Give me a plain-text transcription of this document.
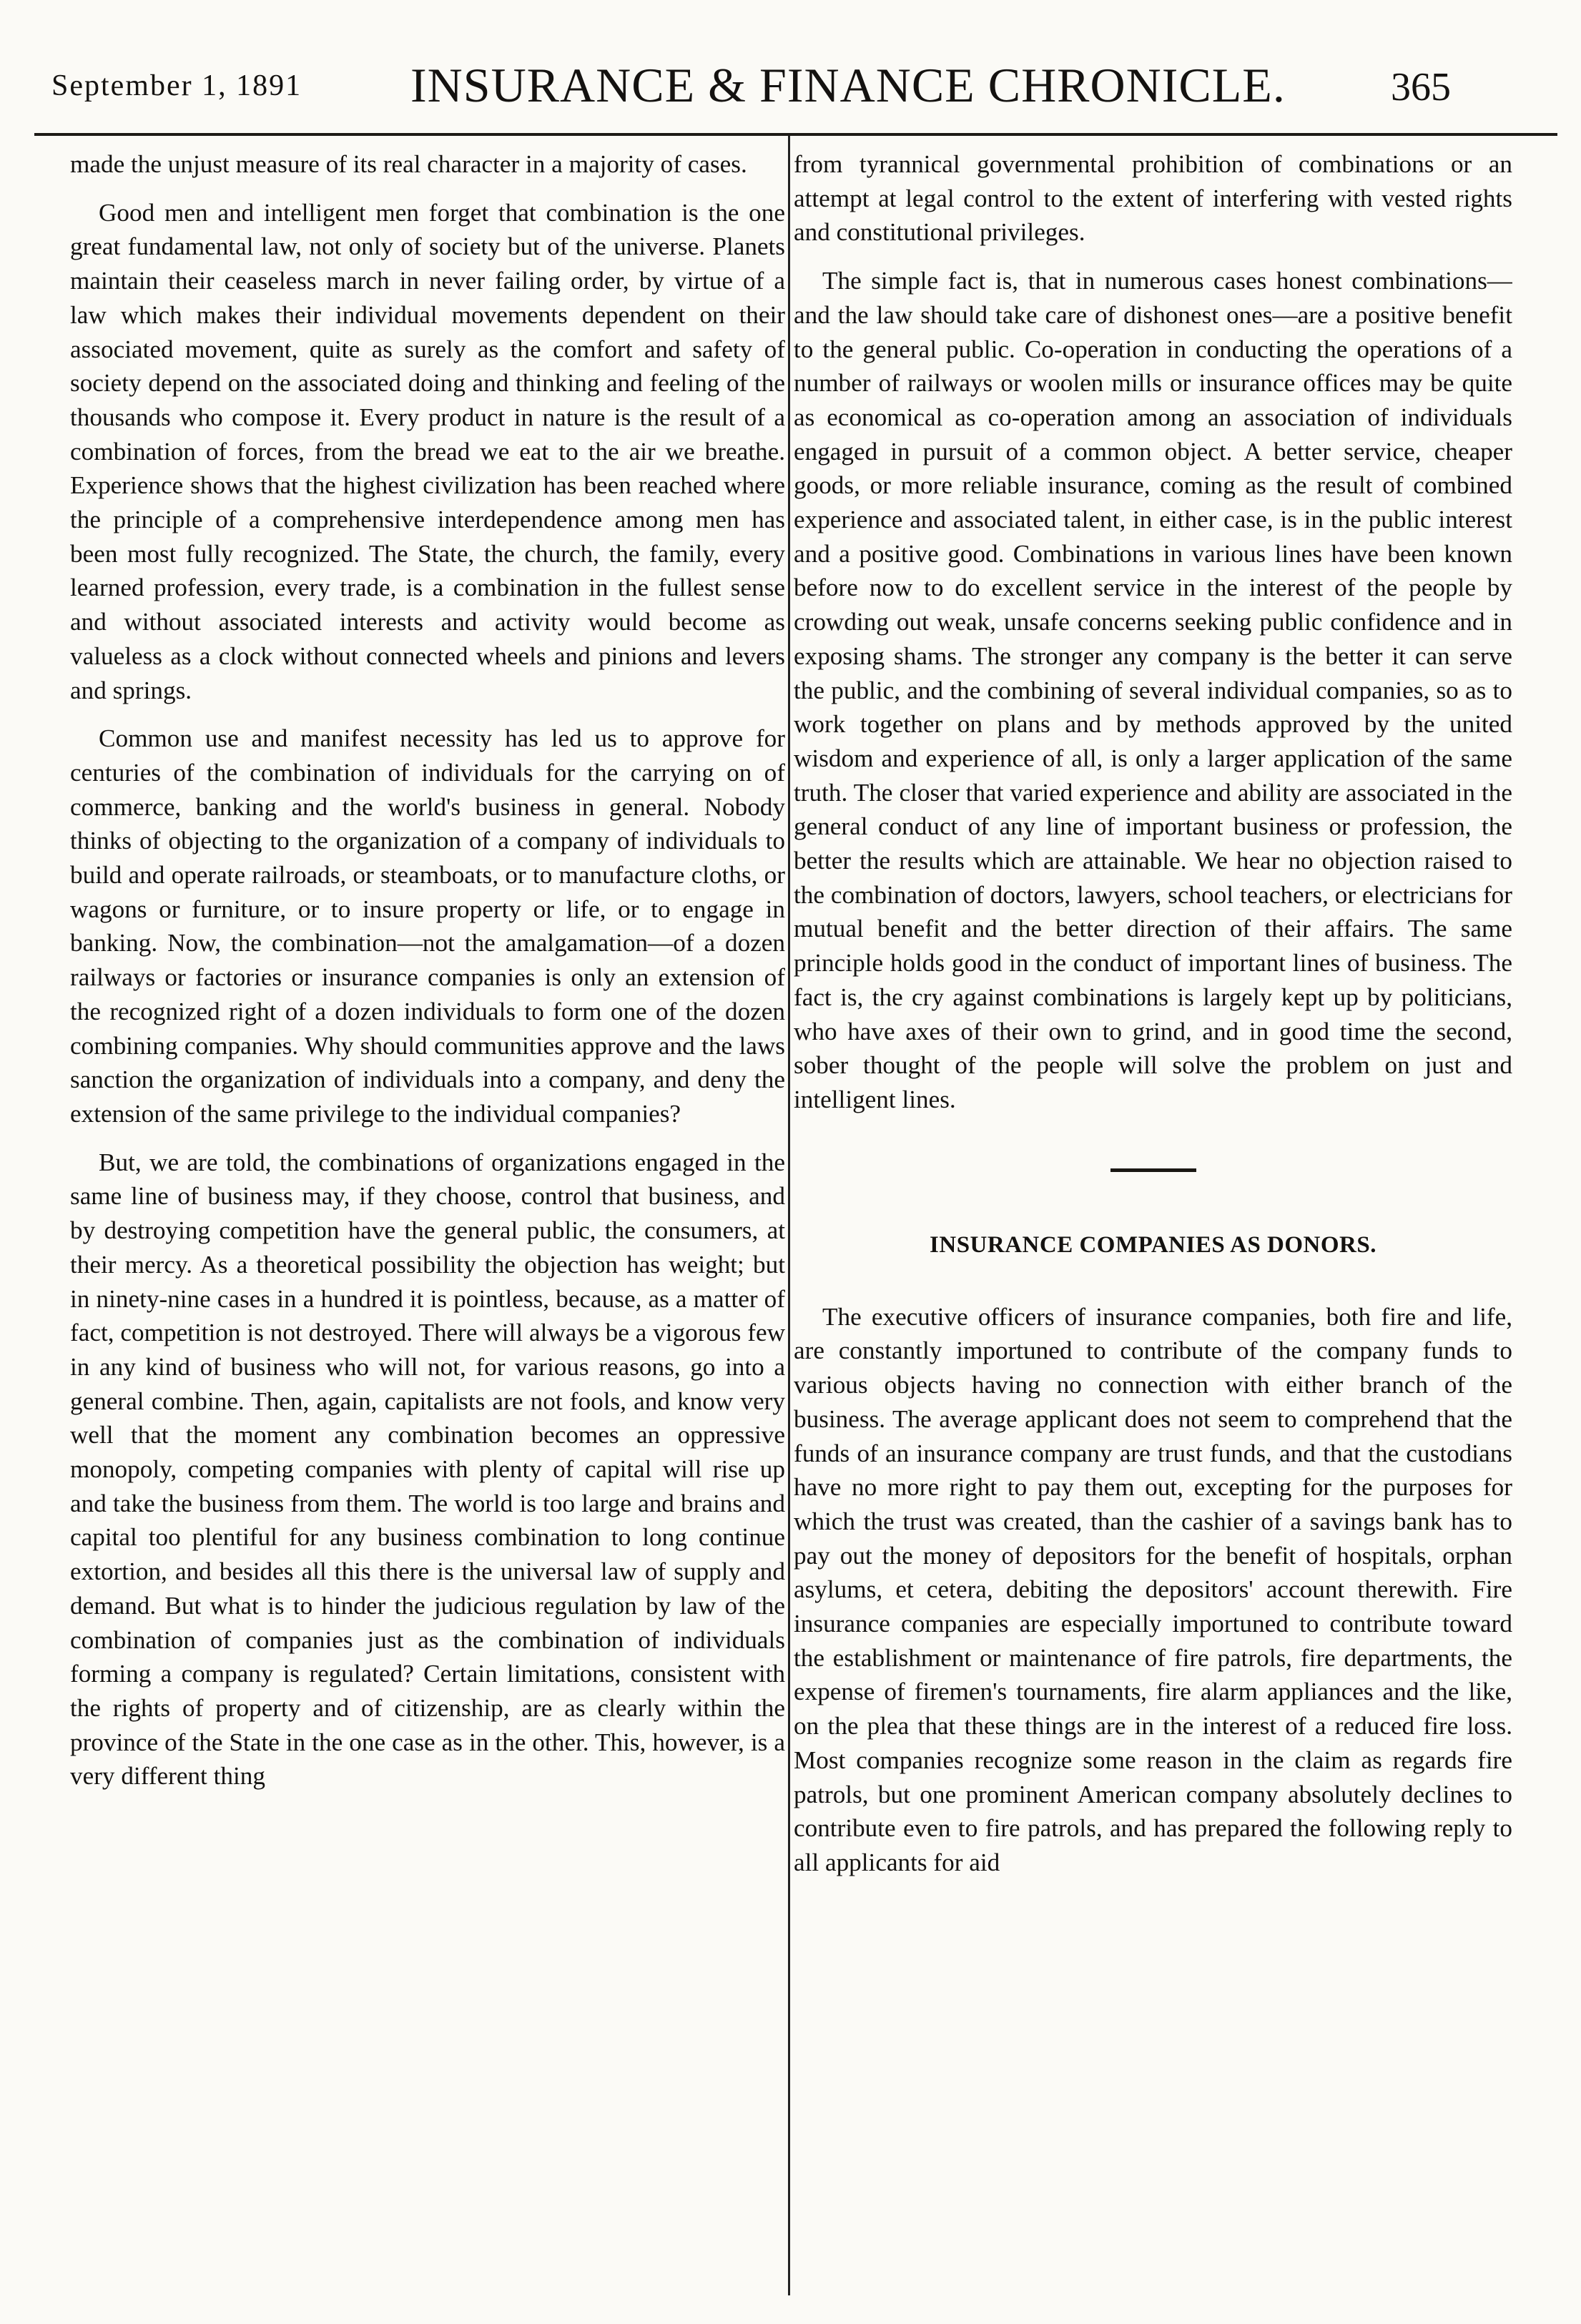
September 1, 1891 INSURANCE & FINANCE CHRONICLE.	365

made the unjust measure of its real character in a majority of cases.

Good men and intelligent men forget that combination is the one great fundamental law, not only of society but of the universe. Planets maintain their ceaseless march in never failing order, by virtue of a law which makes their individual movements dependent on their associated movement, quite as surely as the comfort and safety of society depend on the associated doing and thinking and feeling of the thousands who compose it. Every product in nature is the result of a combination of forces, from the bread we eat to the air we breathe. Experience shows that the highest civilization has been reached where the principle of a comprehensive interdependence among men has been most fully recognized. The State, the church, the family, every learned profession, every trade, is a combination in the fullest sense and without associated interests and activity would become as valueless as a clock without connected wheels and pinions and levers and springs.

Common use and manifest necessity has led us to approve for centuries of the combination of individuals for the carrying on of commerce, banking and the world's business in general. Nobody thinks of objecting to the organization of a company of individuals to build and operate railroads, or steamboats, or to manufacture cloths, or wagons or furniture, or to insure property or life, or to engage in banking. Now, the combination—not the amalgamation—of a dozen railways or factories or insurance companies is only an extension of the recognized right of a dozen individuals to form one of the dozen combining companies. Why should communities approve and the laws sanction the organization of individuals into a company, and deny the extension of the same privilege to the individual companies?

But, we are told, the combinations of organizations engaged in the same line of business may, if they choose, control that business, and by destroying competition have the general public, the consumers, at their mercy. As a theoretical possibility the objection has weight; but in ninety-nine cases in a hundred it is pointless, because, as a matter of fact, competition is not destroyed. There will always be a vigorous few in any kind of business who will not, for various reasons, go into a general combine. Then, again, capitalists are not fools, and know very well that the moment any combination becomes an oppressive monopoly, competing companies with plenty of capital will rise up and take the business from them. The world is too large and brains and capital too plentiful for any business combination to long continue extortion, and besides all this there is the universal law of supply and demand. But what is to hinder the judicious regulation by law of the combination of companies just as the combination of individuals forming a company is regulated? Certain limitations, consistent with the rights of property and of citizenship, are as clearly within the province of the State in the one case as in the other. This, however, is a very different thing

from tyrannical governmental prohibition of combinations or an attempt at legal control to the extent of interfering with vested rights and constitutional privileges.

The simple fact is, that in numerous cases honest combinations—and the law should take care of dishonest ones—are a positive benefit to the general public. Co-operation in conducting the operations of a number of railways or woolen mills or insurance offices may be quite as economical as co-operation among an association of individuals engaged in pursuit of a common object. A better service, cheaper goods, or more reliable insurance, coming as the result of combined experience and associated talent, in either case, is in the public interest and a positive good. Combinations in various lines have been known before now to do excellent service in the interest of the people by crowding out weak, unsafe concerns seeking public confidence and in exposing shams. The stronger any company is the better it can serve the public, and the combining of several individual companies, so as to work together on plans and by methods approved by the united wisdom and experience of all, is only a larger application of the same truth. The closer that varied experience and ability are associated in the general conduct of any line of important business or profession, the better the results which are attainable. We hear no objection raised to the combination of doctors, lawyers, school teachers, or electricians for mutual benefit and the better direction of their affairs. The same principle holds good in the conduct of important lines of business. The fact is, the cry against combinations is largely kept up by politicians, who have axes of their own to grind, and in good time the second, sober thought of the people will solve the problem on just and intelligent lines.

INSURANCE COMPANIES AS DONORS.

The executive officers of insurance companies, both fire and life, are constantly importuned to contribute of the company funds to various objects having no connection with either branch of the business. The average applicant does not seem to comprehend that the funds of an insurance company are trust funds, and that the custodians have no more right to pay them out, excepting for the purposes for which the trust was created, than the cashier of a savings bank has to pay out the money of depositors for the benefit of hospitals, orphan asylums, et cetera, debiting the depositors' account therewith. Fire insurance companies are especially importuned to contribute toward the establishment or maintenance of fire patrols, fire departments, the expense of firemen's tournaments, fire alarm appliances and the like, on the plea that these things are in the interest of a reduced fire loss. Most companies recognize some reason in the claim as regards fire patrols, but one prominent American company absolutely declines to contribute even to fire patrols, and has prepared the following reply to all applicants for aid
